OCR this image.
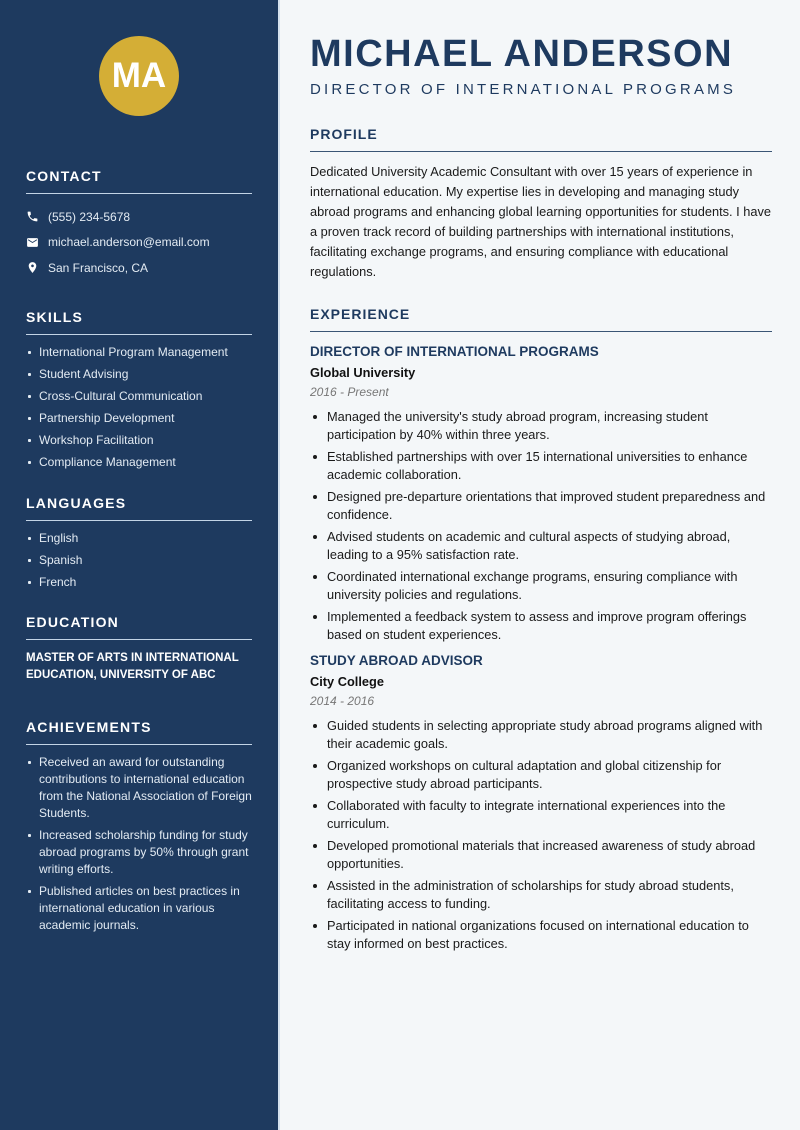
MA
CONTACT
(555) 234-5678
michael.anderson@email.com
San Francisco, CA
SKILLS
International Program Management
Student Advising
Cross-Cultural Communication
Partnership Development
Workshop Facilitation
Compliance Management
LANGUAGES
English
Spanish
French
EDUCATION

MASTER OF ARTS IN INTERNATIONAL EDUCATION, UNIVERSITY OF ABC

ACHIEVEMENTS
Received an award for outstanding contributions to international education from the National Association of Foreign Students.
Increased scholarship funding for study abroad programs by 50% through grant writing efforts.
Published articles on best practices in international education in various academic journals.
MICHAEL ANDERSON
DIRECTOR OF INTERNATIONAL PROGRAMS
PROFILE

Dedicated University Academic Consultant with over 15 years of experience in international education. My expertise lies in developing and managing study abroad programs and enhancing global learning opportunities for students. I have a proven track record of building partnerships with international institutions, facilitating exchange programs, and ensuring compliance with educational regulations.

EXPERIENCE
DIRECTOR OF INTERNATIONAL PROGRAMS
Global University
2016 - Present
Managed the university's study abroad program, increasing student participation by 40% within three years.
Established partnerships with over 15 international universities to enhance academic collaboration.
Designed pre-departure orientations that improved student preparedness and confidence.
Advised students on academic and cultural aspects of studying abroad, leading to a 95% satisfaction rate.
Coordinated international exchange programs, ensuring compliance with university policies and regulations.
Implemented a feedback system to assess and improve program offerings based on student experiences.
STUDY ABROAD ADVISOR
City College
2014 - 2016
Guided students in selecting appropriate study abroad programs aligned with their academic goals.
Organized workshops on cultural adaptation and global citizenship for prospective study abroad participants.
Collaborated with faculty to integrate international experiences into the curriculum.
Developed promotional materials that increased awareness of study abroad opportunities.
Assisted in the administration of scholarships for study abroad students, facilitating access to funding.
Participated in national organizations focused on international education to stay informed on best practices.
